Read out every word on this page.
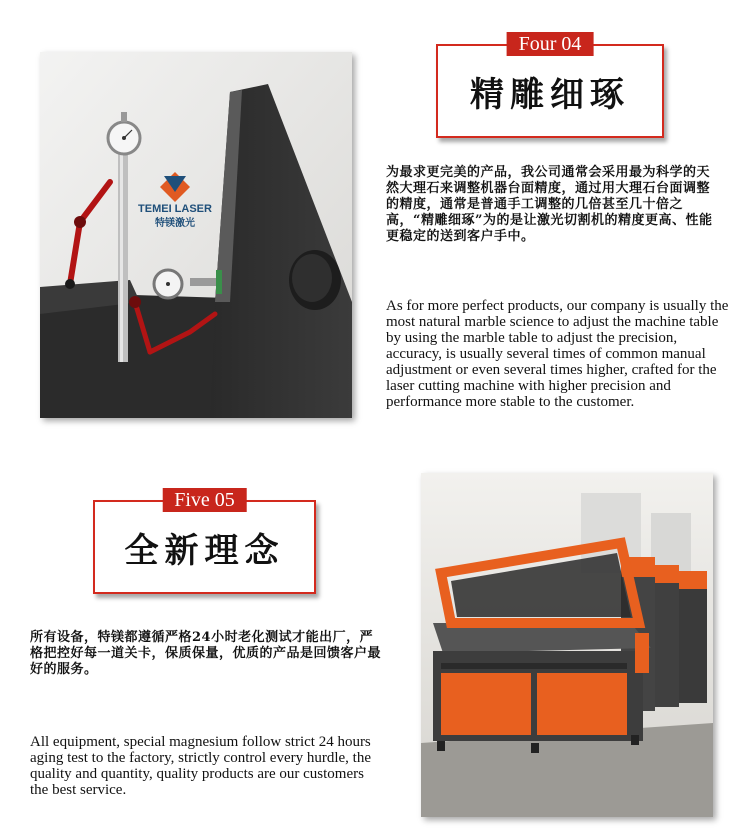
TEMEI LASER
特镁激光
Four 04
精雕细琢
为最求更完美的产品，我公司通常会采用最为科学的天然大理石来调整机器台面精度，通过用大理石台面调整的精度，通常是普通手工调整的几倍甚至几十倍之高，“精雕细琢”为的是让激光切割机的精度更高、性能更稳定的送到客户手中。
As for more perfect products, our company is usually the most natural marble science to adjust the machine table by using the marble table to adjust the precision, accuracy, is usually several times of common manual adjustment or even several times higher, crafted for the laser cutting machine with higher precision and performance more stable to the customer.
Five 05
全新理念
所有设备，特镁都遵循严格24小时老化测试才能出厂，严格把控好每一道关卡，保质保量，优质的产品是回馈客户最好的服务。
All equipment, special magnesium follow strict 24 hours aging test to the factory, strictly control every hurdle, the quality and quantity, quality products are our customers the best service.
